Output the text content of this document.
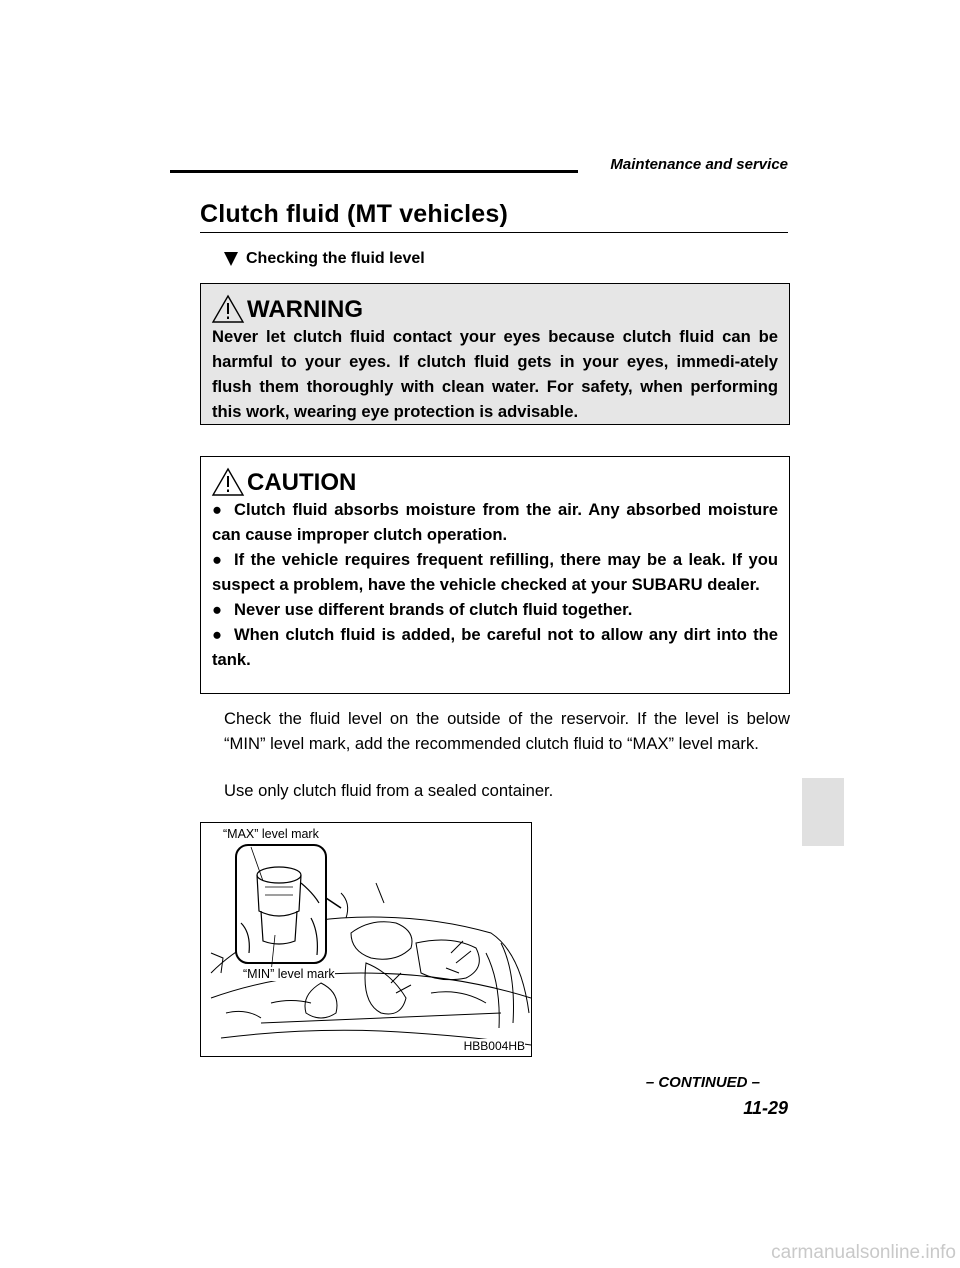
Maintenance and service
Clutch fluid (MT vehicles)
Checking the fluid level
WARNING

Never let clutch fluid contact your eyes because clutch fluid can be harmful to your eyes. If clutch fluid gets in your eyes, immedi-ately flush them thoroughly with clean water. For safety, when performing this work, wearing eye protection is advisable.

CAUTION

● Clutch fluid absorbs moisture from the air. Any absorbed moisture can cause improper clutch operation.

● If the vehicle requires frequent refilling, there may be a leak. If you suspect a problem, have the vehicle checked at your SUBARU dealer.

● Never use different brands of clutch fluid together.

● When clutch fluid is added, be careful not to allow any dirt into the tank.

Check the fluid level on the outside of the reservoir. If the level is below “MIN” level mark, add the recommended clutch fluid to “MAX” level mark.

Use only clutch fluid from a sealed container.

“MAX” level mark
“MIN” level mark
HBB004HB
– CONTINUED –
11-29
carmanualsonline.info
